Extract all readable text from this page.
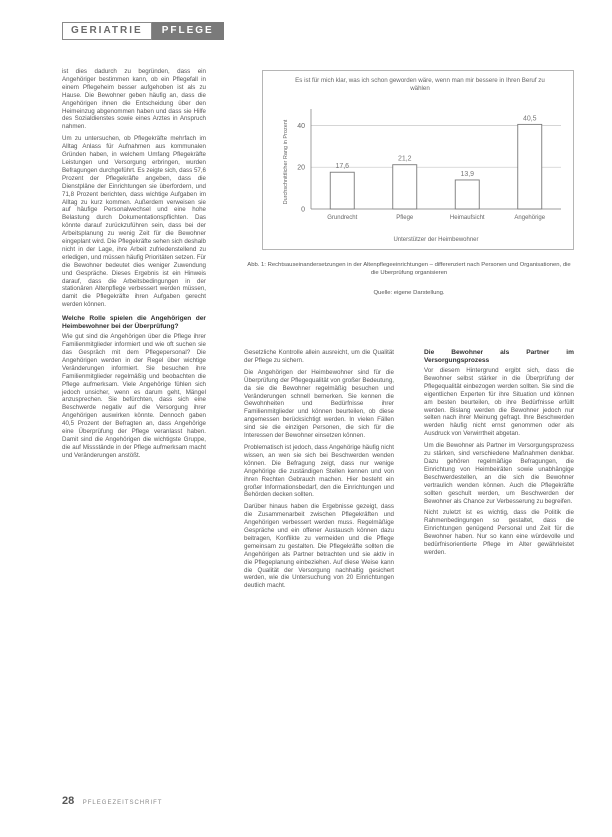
GERIATRIE	PFLEGE

ist dies dadurch zu begründen, dass ein Angehöriger bestimmen kann, ob ein Pflegefall in einem Pflegeheim besser aufgehoben ist als zu Hause. Die Bewohner geben häufig an, dass die Angehörigen ihnen die Entscheidung über den Heimeinzug abgenommen haben und dass sie Hilfe des Sozialdienstes sowie eines Arztes in Anspruch nahmen.

Um zu untersuchen, ob Pflegekräfte mehrfach im Alltag Anlass für Aufnahmen aus kommunalen Gründen haben, in welchem Umfang Pflegekräfte Leistungen und Versorgung erbringen, wurden Befragungen durchgeführt. Es zeigte sich, dass 57,6 Prozent der Pflegekräfte angeben, dass die Dienstpläne der Einrichtungen sie überfordern, und 71,8 Prozent berichten, dass wichtige Aufgaben im Alltag zu kurz kommen. Außerdem verweisen sie auf häufige Personalwechsel und eine hohe Belastung durch Dokumentationspflichten. Das könnte darauf zurückzuführen sein, dass bei der Arbeitsplanung zu wenig Zeit für die Bewohner eingeplant wird. Die Pflegekräfte sehen sich deshalb nicht in der Lage, ihre Arbeit zufriedenstellend zu erledigen, und müssen häufig Prioritäten setzen. Für die Bewohner bedeutet dies weniger Zuwendung und Gespräche. Dieses Ergebnis ist ein Hinweis darauf, dass die Arbeitsbedingungen in der stationären Altenpflege verbessert werden müssen, damit die Pflegekräfte ihren Aufgaben gerecht werden können.

Welche Rolle spielen die Angehörigen der Heimbewohner bei der Überprüfung?

Wie gut sind die Angehörigen über die Pflege ihrer Familienmitglieder informiert und wie oft suchen sie das Gespräch mit dem Pflegepersonal? Die Angehörigen werden in der Regel über wichtige Veränderungen informiert. Sie besuchen ihre Familienmitglieder regelmäßig und beobachten die Pflege aufmerksam. Viele Angehörige fühlen sich jedoch unsicher, wenn es darum geht, Mängel anzusprechen. Sie befürchten, dass sich eine Beschwerde negativ auf die Versorgung ihrer Angehörigen auswirken könnte. Dennoch gaben 40,5 Prozent der Befragten an, dass Angehörige eine Überprüfung der Pflege veranlasst haben. Damit sind die Angehörigen die wichtigste Gruppe, die auf Missstände in der Pflege aufmerksam macht und Veränderungen anstößt.

Es ist für mich klar, was ich schon geworden wäre, wenn man mir bessere in Ihren Beruf zu wählen
0
20
40
Durchschnittlicher Rang in Prozent	17,6
Grundrecht
21,2
Pflege
13,9
Heimaufsicht
40,5
Angehörige
Unterstützer der Heimbewohner
Abb. 1: Rechtsauseinandersetzungen in der Altenpflegeeinrichtungen – differenziert nach Personen und Organisationen, die die Uberprüfung organisieren
Quelle: eigene Darstellung.

Gesetzliche Kontrolle allein ausreicht, um die Qualität der Pflege zu sichern.

Die Angehörigen der Heimbewohner sind für die Überprüfung der Pflegequalität von großer Bedeutung, da sie die Bewohner regelmäßig besuchen und Veränderungen schnell bemerken. Sie kennen die Gewohnheiten und Bedürfnisse ihrer Familienmitglieder und können beurteilen, ob diese angemessen berücksichtigt werden. In vielen Fällen sind sie die einzigen Personen, die sich für die Interessen der Bewohner einsetzen können.

Problematisch ist jedoch, dass Angehörige häufig nicht wissen, an wen sie sich bei Beschwerden wenden können. Die Befragung zeigt, dass nur wenige Angehörige die zuständigen Stellen kennen und von ihren Rechten Gebrauch machen. Hier besteht ein großer Informationsbedarf, den die Einrichtungen und Behörden decken sollten.

Darüber hinaus haben die Ergebnisse gezeigt, dass die Zusammenarbeit zwischen Pflegekräften und Angehörigen verbessert werden muss. Regelmäßige Gespräche und ein offener Austausch können dazu beitragen, Konflikte zu vermeiden und die Pflege gemeinsam zu gestalten. Die Pflegekräfte sollten die Angehörigen als Partner betrachten und sie aktiv in die Pflegeplanung einbeziehen. Auf diese Weise kann die Qualität der Versorgung nachhaltig gesichert werden, wie die Untersuchung von 20 Einrichtungen deutlich macht.

Die Bewohner als Partner im Versorgungsprozess

Vor diesem Hintergrund ergibt sich, dass die Bewohner selbst stärker in die Überprüfung der Pflegequalität einbezogen werden sollten. Sie sind die eigentlichen Experten für ihre Situation und können am besten beurteilen, ob ihre Bedürfnisse erfüllt werden. Bislang werden die Bewohner jedoch nur selten nach ihrer Meinung gefragt. Ihre Beschwerden werden häufig nicht ernst genommen oder als Ausdruck von Verwirrtheit abgetan.

Um die Bewohner als Partner im Versorgungsprozess zu stärken, sind verschiedene Maßnahmen denkbar. Dazu gehören regelmäßige Befragungen, die Einrichtung von Heimbeiräten sowie unabhängige Beschwerdestellen, an die sich die Bewohner vertraulich wenden können. Auch die Pflegekräfte sollten geschult werden, um Beschwerden der Bewohner als Chance zur Verbesserung zu begreifen.

Nicht zuletzt ist es wichtig, dass die Politik die Rahmenbedingungen so gestaltet, dass die Einrichtungen genügend Personal und Zeit für die Bewohner haben. Nur so kann eine würdevolle und bedürfnisorientierte Pflege im Alter gewährleistet werden.

28 PFLEGEZEITSCHRIFT
